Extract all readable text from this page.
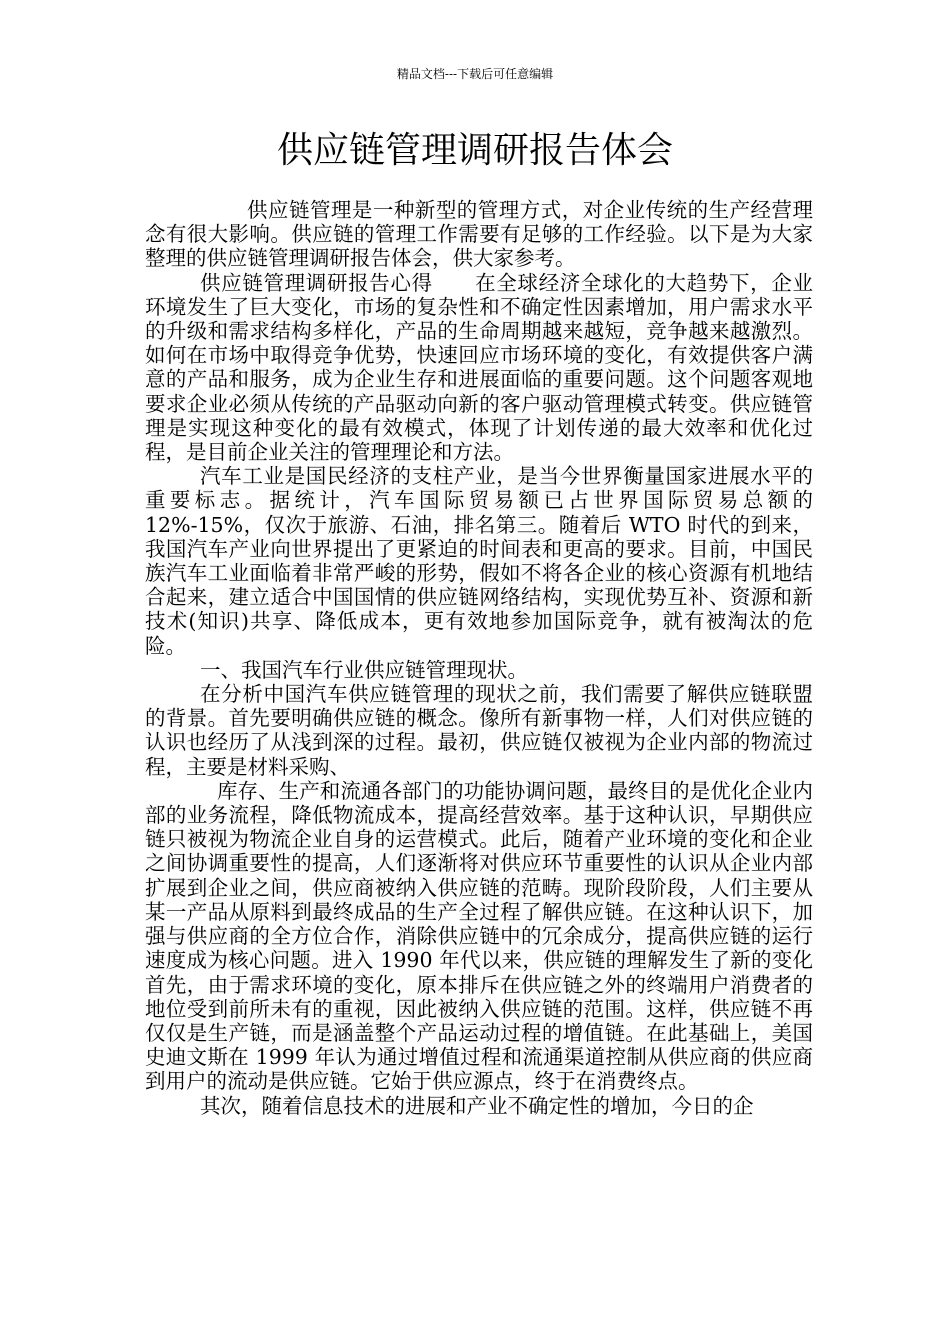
精品文档---下载后可任意编辑
供应链管理调研报告体会

供应链管理是一种新型的管理方式，对企业传统的生产经营理念有很大影响。供应链的管理工作需要有足够的工作经验。以下是为大家整理的供应链管理调研报告体会，供大家参考。

供应链管理调研报告心得　　在全球经济全球化的大趋势下，企业环境发生了巨大变化，市场的复杂性和不确定性因素增加，用户需求水平的升级和需求结构多样化，产品的生命周期越来越短，竞争越来越激烈。如何在市场中取得竞争优势，快速回应市场环境的变化，有效提供客户满意的产品和服务，成为企业生存和进展面临的重要问题。这个问题客观地要求企业必须从传统的产品驱动向新的客户驱动管理模式转变。供应链管理是实现这种变化的最有效模式，体现了计划传递的最大效率和优化过程，是目前企业关注的管理理论和方法。

汽车工业是国民经济的支柱产业，是当今世界衡量国家进展水平的重要标志。据统计，汽车国际贸易额已占世界国际贸易总额的 12%-15%，仅次于旅游、石油，排名第三。随着后 WTO 时代的到来，我国汽车产业向世界提出了更紧迫的时间表和更高的要求。目前，中国民族汽车工业面临着非常严峻的形势，假如不将各企业的核心资源有机地结合起来，建立适合中国国情的供应链网络结构，实现优势互补、资源和新技术(知识)共享、降低成本，更有效地参加国际竞争，就有被淘汰的危险。

一、我国汽车行业供应链管理现状。

在分析中国汽车供应链管理的现状之前，我们需要了解供应链联盟的背景。首先要明确供应链的概念。像所有新事物一样，人们对供应链的认识也经历了从浅到深的过程。最初，供应链仅被视为企业内部的物流过程，主要是材料采购、

库存、生产和流通各部门的功能协调问题，最终目的是优化企业内部的业务流程，降低物流成本，提高经营效率。基于这种认识，早期供应链只被视为物流企业自身的运营模式。此后，随着产业环境的变化和企业之间协调重要性的提高，人们逐渐将对供应环节重要性的认识从企业内部扩展到企业之间，供应商被纳入供应链的范畴。现阶段阶段，人们主要从某一产品从原料到最终成品的生产全过程了解供应链。在这种认识下，加强与供应商的全方位合作，消除供应链中的冗余成分，提高供应链的运行速度成为核心问题。进入 1990 年代以来，供应链的理解发生了新的变化　　首先，由于需求环境的变化，原本排斥在供应链之外的终端用户消费者的地位受到前所未有的重视，因此被纳入供应链的范围。这样，供应链不再仅仅是生产链，而是涵盖整个产品运动过程的增值链。在此基础上，美国史迪文斯在 1999 年认为通过增值过程和流通渠道控制从供应商的供应商到用户的流动是供应链。它始于供应源点，终于在消费终点。

其次，随着信息技术的进展和产业不确定性的增加，今日的企
